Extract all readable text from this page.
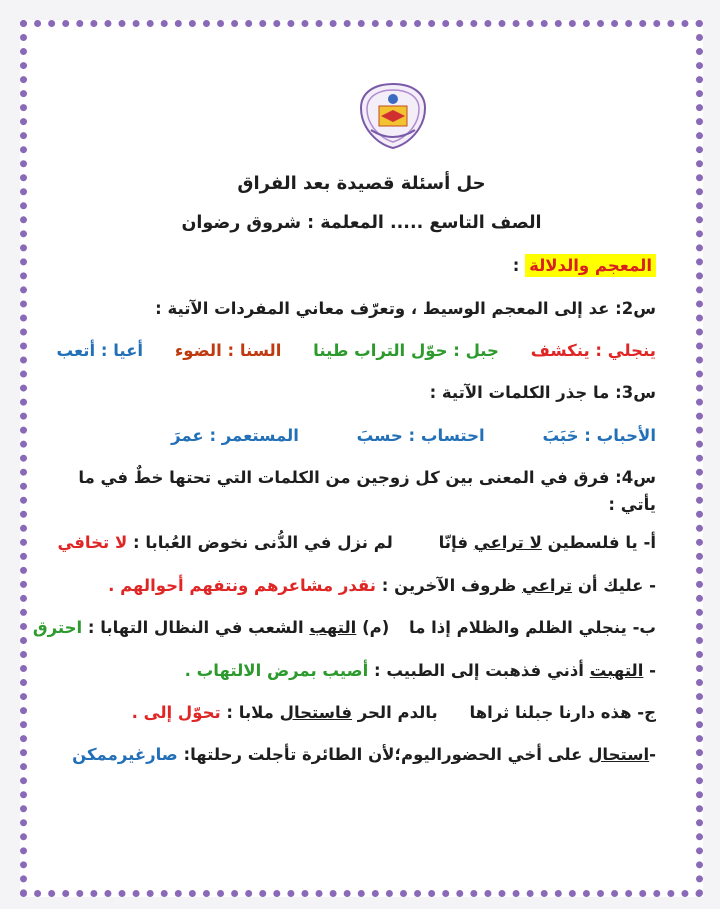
حل أسئلة قصيدة بعد الفراق
الصف التاسع ..... المعلمة : شروق رضوان
المعجم والدلالة :
س2: عد إلى المعجم الوسيط ، وتعرّف معاني المفردات الآتية :
ينجلي : ينكشف جبل : حوّل التراب طينا السنا : الضوء أعيا : أتعب
س3: ما جذر الكلمات الآتية :
الأحباب : حَبَبَ احتساب : حسبَ المستعمر : عمرَ
س4: فرق في المعنى بين كل زوجين من الكلمات التي تحتها خطٌ في ما
يأتي :
أ- يا فلسطين لا تراعي فإنّا لم نزل في الدُّنى نخوض العُبابا : لا تخافي
- عليك أن تراعي ظروف الآخرين : نقدر مشاعرهم ونتفهم أحوالهم .
ب- ينجلي الظلم والظلام إذا ما (م) التهب الشعب في النظال التهابا : احترق
- التهبت أذني فذهبت إلى الطبيب : أصيب بمرض الالتهاب .
ج- هذه دارنا جبلنا ثراها بالدم الحر فاستحال ملابا : تحوّل إلى .
-استحال على أخي الحضوراليوم؛لأن الطائرة تأجلت رحلتها: صارغيرممكن
